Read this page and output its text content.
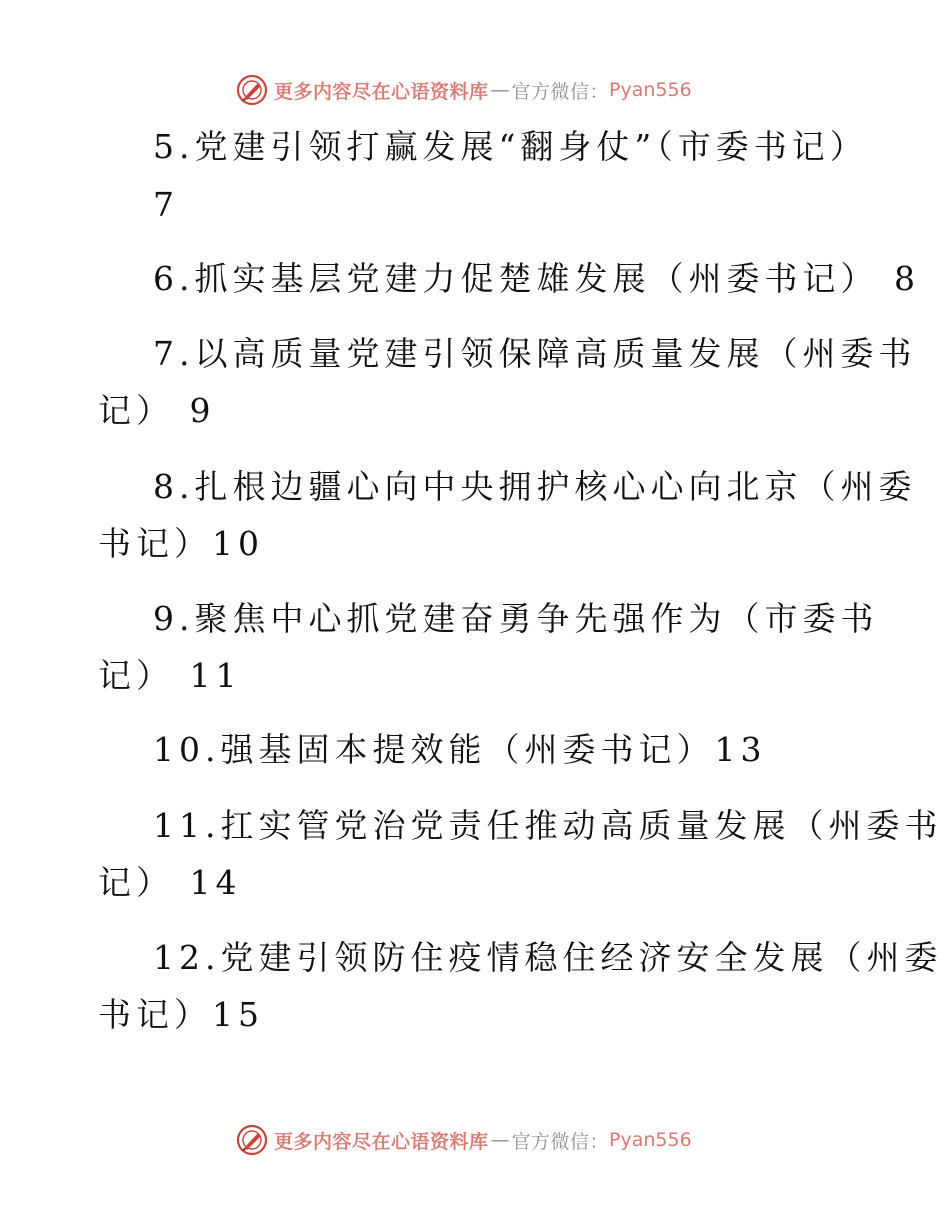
更多内容尽在心语资料库 — 官方微信： Pyan556
5.党建引领打赢发展“翻身仗”（市委书记）
7
6.抓实基层党建力促楚雄发展（州委书记） 8
7.以高质量党建引领保障高质量发展（州委书
记） 9
8.扎根边疆心向中央拥护核心心向北京（州委
书记）10
9.聚焦中心抓党建奋勇争先强作为（市委书
记） 11
10.强基固本提效能（州委书记）13
11.扛实管党治党责任推动高质量发展（州委书
记） 14
12.党建引领防住疫情稳住经济安全发展（州委
书记）15
更多内容尽在心语资料库 — 官方微信： Pyan556
